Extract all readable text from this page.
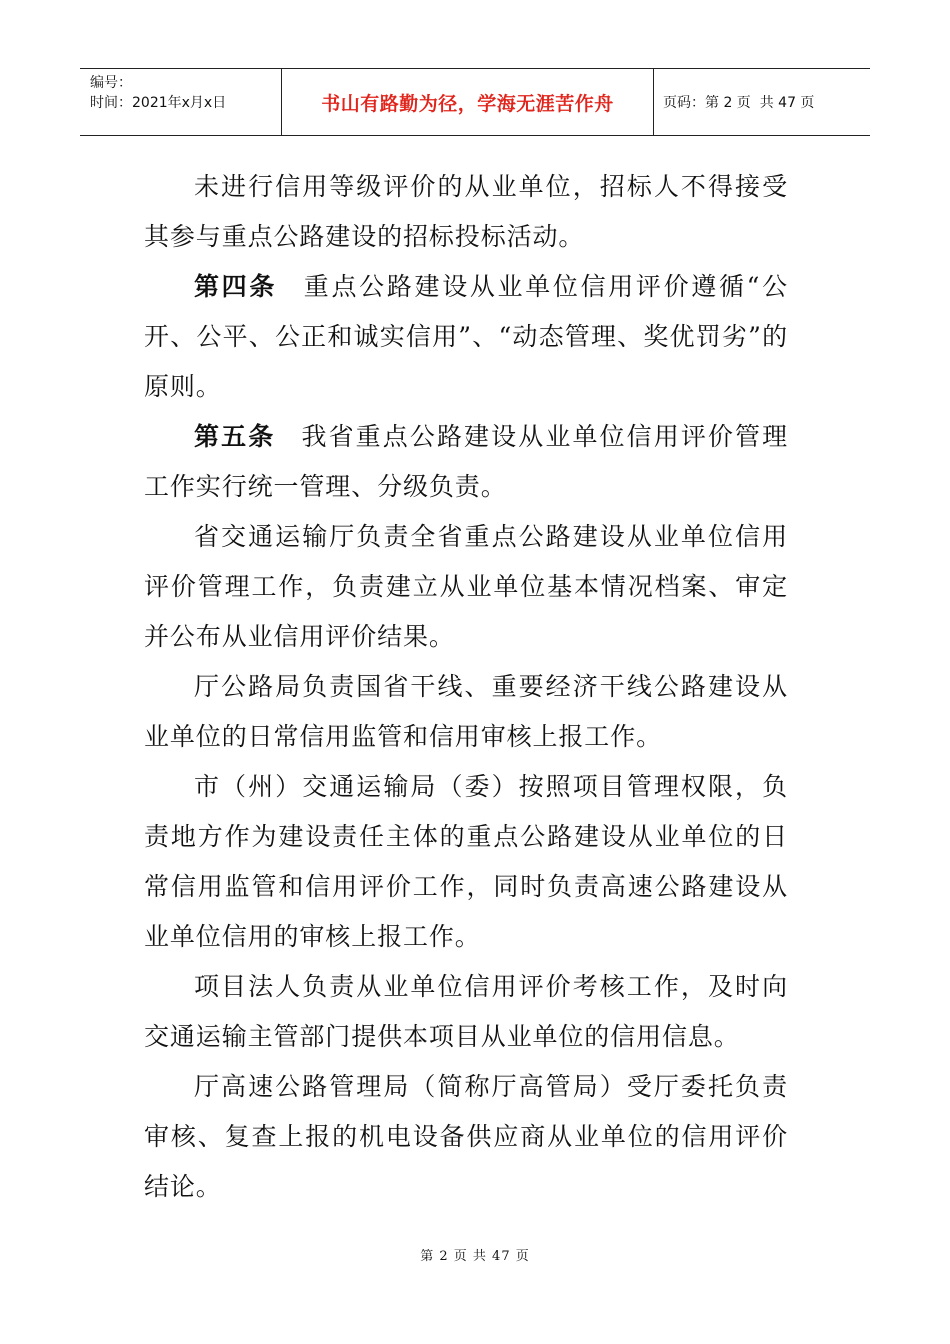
编号：
时间：2021年x月x日	书山有路勤为径，学海无涯苦作舟	页码：第 2 页  共 47 页

未进行信用等级评价的从业单位，招标人不得接受其参与重点公路建设的招标投标活动。

第四条 重点公路建设从业单位信用评价遵循“公开、公平、公正和诚实信用”、“动态管理、奖优罚劣”的原则。

第五条 我省重点公路建设从业单位信用评价管理工作实行统一管理、分级负责。

省交通运输厅负责全省重点公路建设从业单位信用评价管理工作，负责建立从业单位基本情况档案、审定并公布从业信用评价结果。

厅公路局负责国省干线、重要经济干线公路建设从业单位的日常信用监管和信用审核上报工作。

市（州）交通运输局（委）按照项目管理权限，负责地方作为建设责任主体的重点公路建设从业单位的日常信用监管和信用评价工作，同时负责高速公路建设从业单位信用的审核上报工作。

项目法人负责从业单位信用评价考核工作，及时向交通运输主管部门提供本项目从业单位的信用信息。

厅高速公路管理局（简称厅高管局）受厅委托负责审核、复查上报的机电设备供应商从业单位的信用评价结论。

第 2 页 共 47 页
